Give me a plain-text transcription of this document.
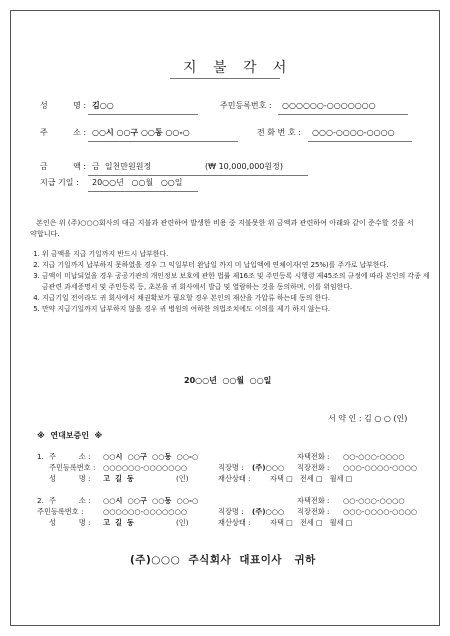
지 불 각 서
성          명 : 김○○	주민등록번호 : ○○○○○○-○○○○○○○
주          소 : ○○시 ○○구 ○○동 ○○-○	전 화 번 호 : ○○○-○○○○-○○○○
금          액 : 금  일천만원원정	(₩ 10,000,000원정)
지급 기일 : 20○○년   ○○월   ○○일
본인은 위 (주)○○○회사의 대금 지불과 관련하여 발생한 비용 중 지불못한 위 금액과 관련하여 아래와 같이 준수할 것을 서약합니다.
1. 위 금액을 지급 기일까지 반드시 납부한다.
2. 지급 기일까지 납부하지 못하였을 경우 그 익일부터 완납일 까지 미 납입액에 연체이자(연 25%)를 주가로 납부한다.
3. 금액이 미납되었을 경우 공공기관의 개인정보 보호에 관한 법률 제16조 및 주민등록 시행령 제45조의 규정에 따라 본인의 각종 세금관련 과세증명서 및 주민등록 등, 초본을 귀 회사에서 발급 및 열람하는 것을 동의하며, 이를 위임한다.
4. 지급기일 전이라도 귀 회사에서 채권확보가 필요할 경우 본인의 재산을 가압류 하는데 동의 한다.
5. 만약 지급기일까지 납부하지 않을 경우 귀 병원의 여하한 의법조치에도 이의를 제기 하지 않는다.
20○○년  ○○월  ○○일
서 약 인 : 김 ○ ○ (인)
※  연대보증인  ※
1. 주          소 : ○○시  ○○구  ○○동  ○○-○	자택전화 : ○○-○○○-○○○○
주민등록번호 : ○○○○○○-○○○○○○○	직장명 : (주)○○○ 직장전화 : ○○○-○○○○-○○○○
성          명 : 고  길  동	(인)	재산상태 :	자택 □   전세 □   월세 □
2. 주          소 : ○○시  ○○구  ○○동  ○○-○	자택전화 : ○○-○○○-○○○○
주민등록번호 :	○○○○○○-○○○○○○○	직장명 : (주)○○○ 직장전화 : ○○○-○○○○-○○○○
성          명 : 고  길  동	(인)	재산상태 :	자택 □   전세 □   월세 □
(주)○○○  주식회사  대표이사   귀하
